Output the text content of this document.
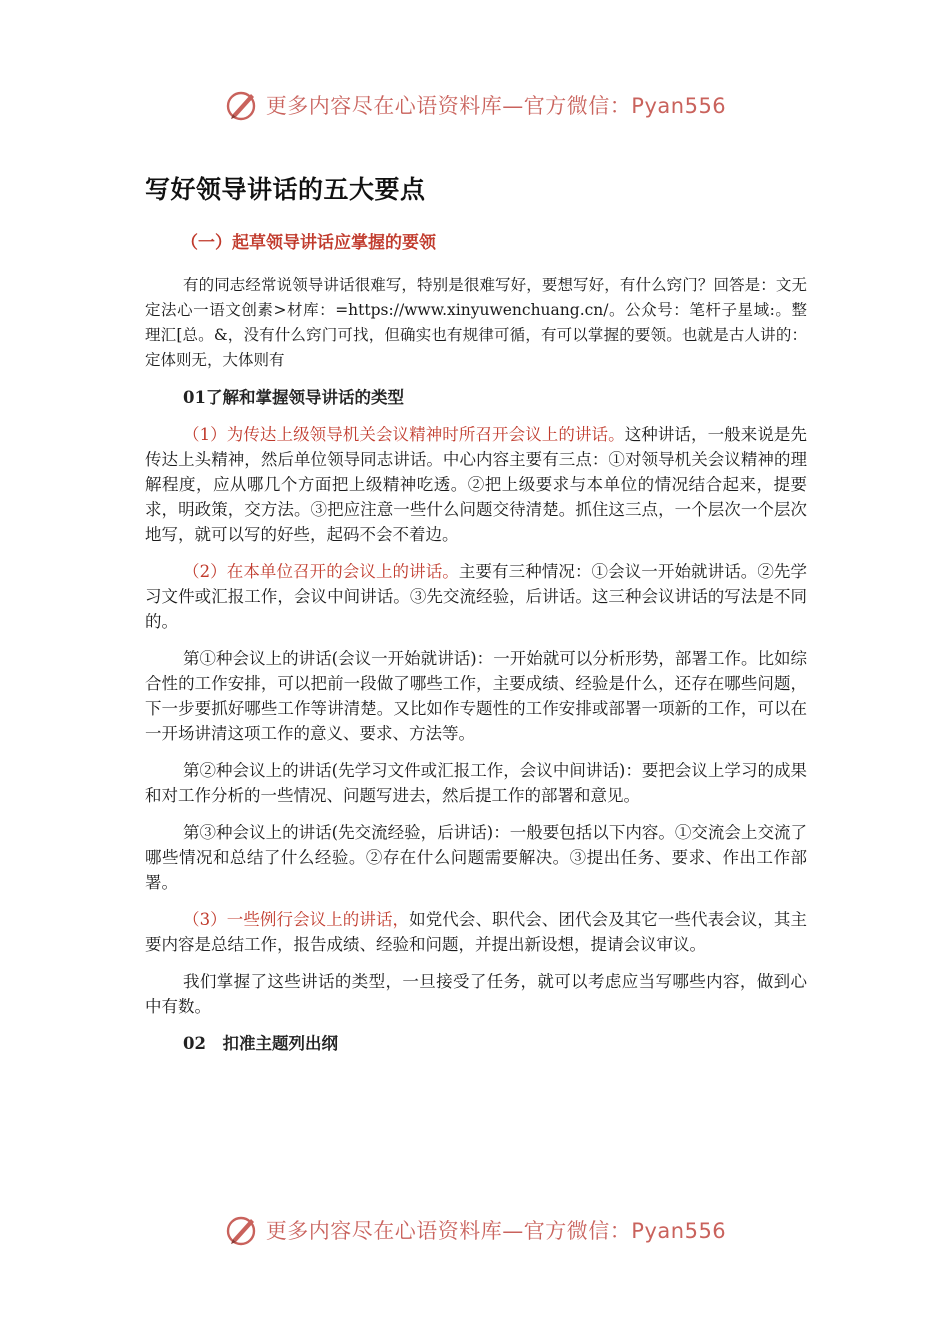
更多内容尽在心语资料库—官方微信：Pyan556
写好领导讲话的五大要点
（一）起草领导讲话应掌握的要领

有的同志经常说领导讲话很难写，特别是很难写好，要想写好，有什么窍门？回答是：文无定法心一语文创素>材库：=https://www.xinyuwenchuang.cn/。公众号：笔杆子星域:。整理汇[总。&，没有什么窍门可找，但确实也有规律可循，有可以掌握的要领。也就是古人讲的：定体则无，大体则有

01了解和掌握领导讲话的类型

（1）为传达上级领导机关会议精神时所召开会议上的讲话。这种讲话，一般来说是先传达上头精神，然后单位领导同志讲话。中心内容主要有三点：①对领导机关会议精神的理解程度，应从哪几个方面把上级精神吃透。②把上级要求与本单位的情况结合起来，提要求，明政策，交方法。③把应注意一些什么问题交待清楚。抓住这三点，一个层次一个层次地写，就可以写的好些，起码不会不着边。

（2）在本单位召开的会议上的讲话。主要有三种情况：①会议一开始就讲话。②先学习文件或汇报工作，会议中间讲话。③先交流经验，后讲话。这三种会议讲话的写法是不同的。

第①种会议上的讲话(会议一开始就讲话)：一开始就可以分析形势，部署工作。比如综合性的工作安排，可以把前一段做了哪些工作，主要成绩、经验是什么，还存在哪些问题，下一步要抓好哪些工作等讲清楚。又比如作专题性的工作安排或部署一项新的工作，可以在一开场讲清这项工作的意义、要求、方法等。

第②种会议上的讲话(先学习文件或汇报工作，会议中间讲话)：要把会议上学习的成果和对工作分析的一些情况、问题写进去，然后提工作的部署和意见。

第③种会议上的讲话(先交流经验，后讲话)：一般要包括以下内容。①交流会上交流了哪些情况和总结了什么经验。②存在什么问题需要解决。③提出任务、要求、作出工作部署。

（3）一些例行会议上的讲话，如党代会、职代会、团代会及其它一些代表会议，其主要内容是总结工作，报告成绩、经验和问题，并提出新设想，提请会议审议。

我们掌握了这些讲话的类型，一旦接受了任务，就可以考虑应当写哪些内容，做到心中有数。

02　扣准主题列出纲
更多内容尽在心语资料库—官方微信：Pyan556
